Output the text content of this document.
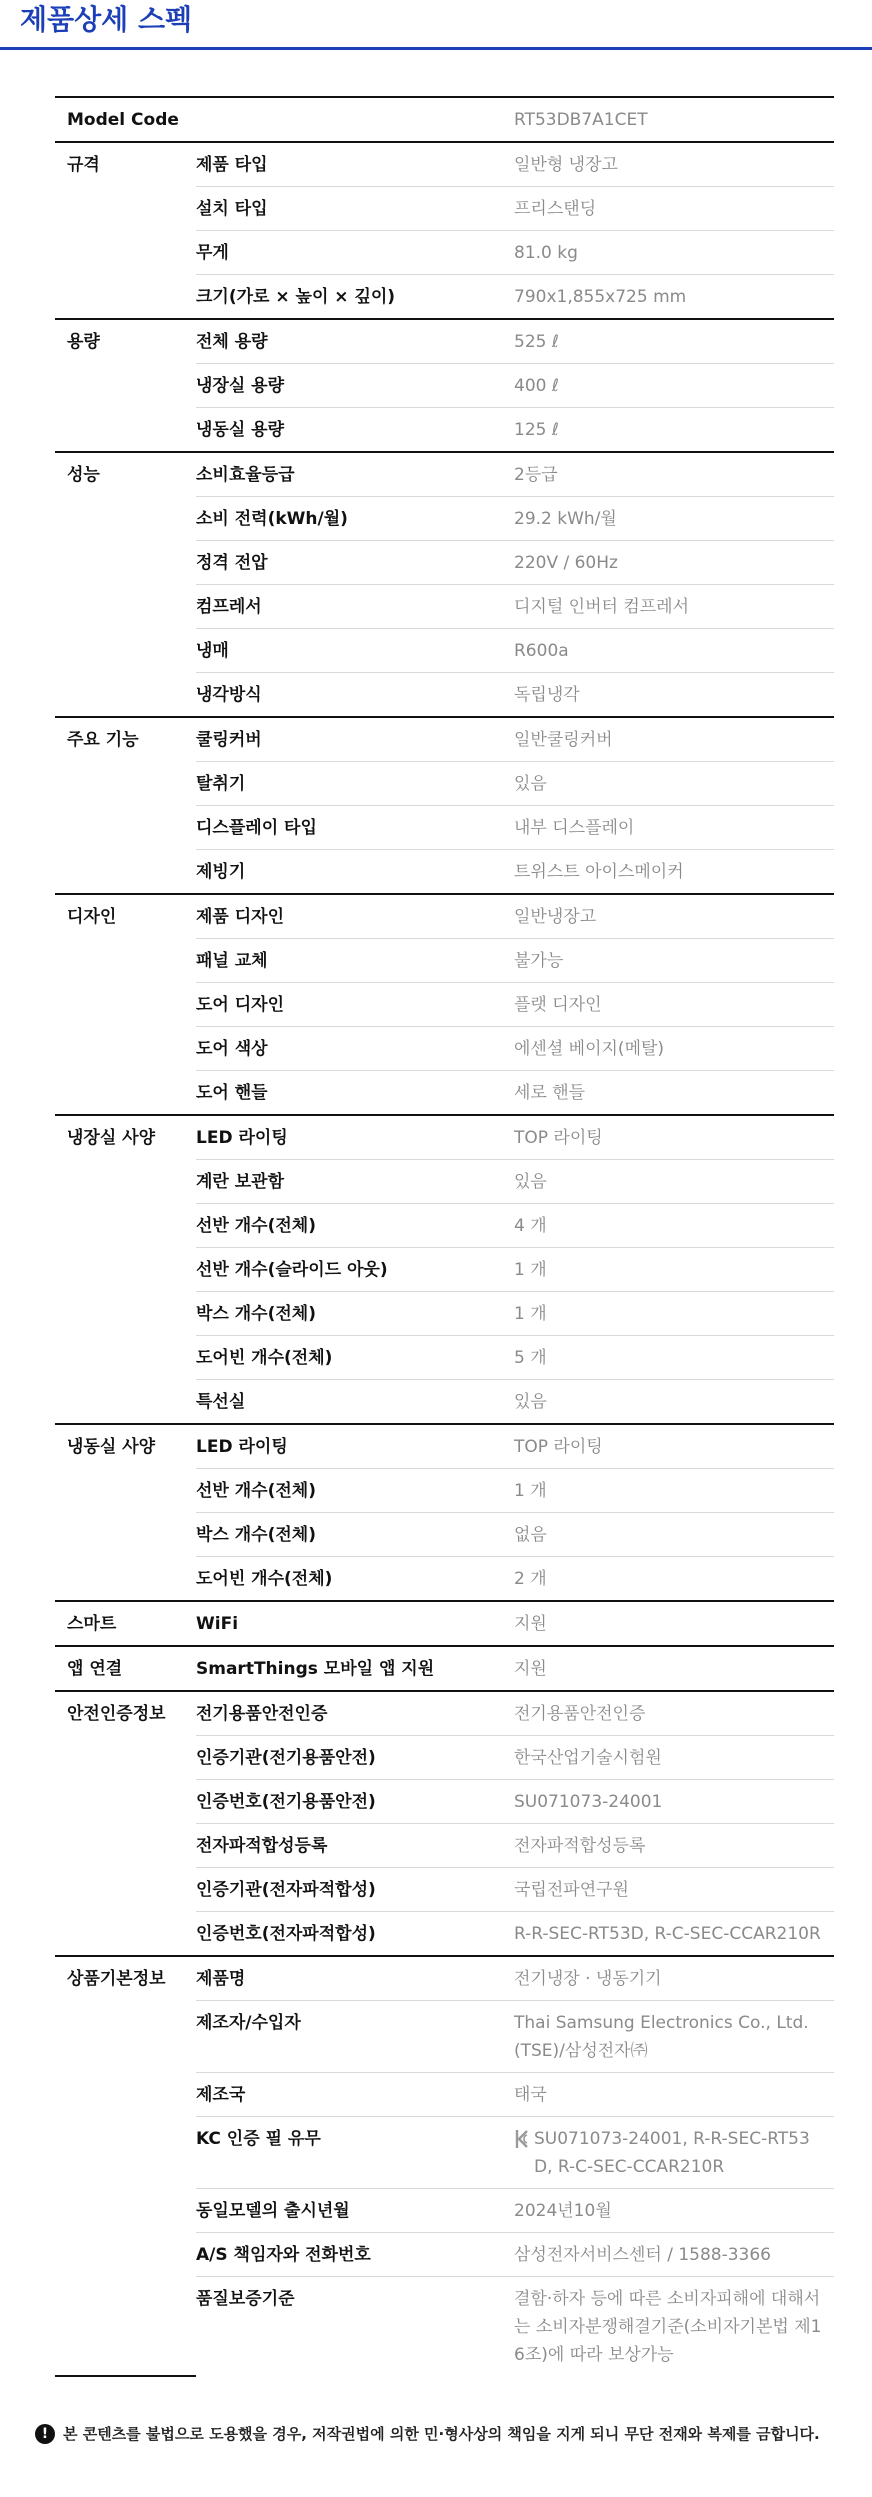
제품상세 스펙
Model Code		RT53DB7A1CET
규격	제품 타입	일반형 냉장고
	설치 타입	프리스탠딩
	무게	81.0 kg
	크기(가로 × 높이 × 깊이)	790x1,855x725 mm
용량	전체 용량	525 ℓ
	냉장실 용량	400 ℓ
	냉동실 용량	125 ℓ
성능	소비효율등급	2등급
	소비 전력(kWh/월)	29.2 kWh/월
	정격 전압	220V / 60Hz
	컴프레서	디지털 인버터 컴프레서
	냉매	R600a
	냉각방식	독립냉각
주요 기능	쿨링커버	일반쿨링커버
	탈취기	있음
	디스플레이 타입	내부 디스플레이
	제빙기	트위스트 아이스메이커
디자인	제품 디자인	일반냉장고
	패널 교체	불가능
	도어 디자인	플랫 디자인
	도어 색상	에센셜 베이지(메탈)
	도어 핸들	세로 핸들
냉장실 사양	LED 라이팅	TOP 라이팅
	계란 보관함	있음
	선반 개수(전체)	4 개
	선반 개수(슬라이드 아웃)	1 개
	박스 개수(전체)	1 개
	도어빈 개수(전체)	5 개
	특선실	있음
냉동실 사양	LED 라이팅	TOP 라이팅
	선반 개수(전체)	1 개
	박스 개수(전체)	없음
	도어빈 개수(전체)	2 개
스마트	WiFi	지원
앱 연결	SmartThings 모바일 앱 지원	지원
안전인증정보	전기용품안전인증	전기용품안전인증
	인증기관(전기용품안전)	한국산업기술시험원
	인증번호(전기용품안전)	SU071073-24001
	전자파적합성등록	전자파적합성등록
	인증기관(전자파적합성)	국립전파연구원
	인증번호(전자파적합성)	R-R-SEC-RT53D, R-C-SEC-CCAR210R
상품기본정보	제품명	전기냉장 · 냉동기기
	제조자/수입자	Thai Samsung Electronics Co., Ltd. (TSE)/삼성전자㈜
	제조국	태국
	KC 인증 필 유무	SU071073-24001, R-R-SEC-RT53D, R-C-SEC-CCAR210R

	동일모델의 출시년월	2024년10월
	A/S 책임자와 전화번호	삼성전자서비스센터 / 1588-3366
	품질보증기준	결함·하자 등에 따른 소비자피해에 대해서는 소비자분쟁해결기준(소비자기본법 제16조)에 따라 보상가능
! 본 콘텐츠를 불법으로 도용했을 경우, 저작권법에 의한 민·형사상의 책임을 지게 되니 무단 전재와 복제를 금합니다.
